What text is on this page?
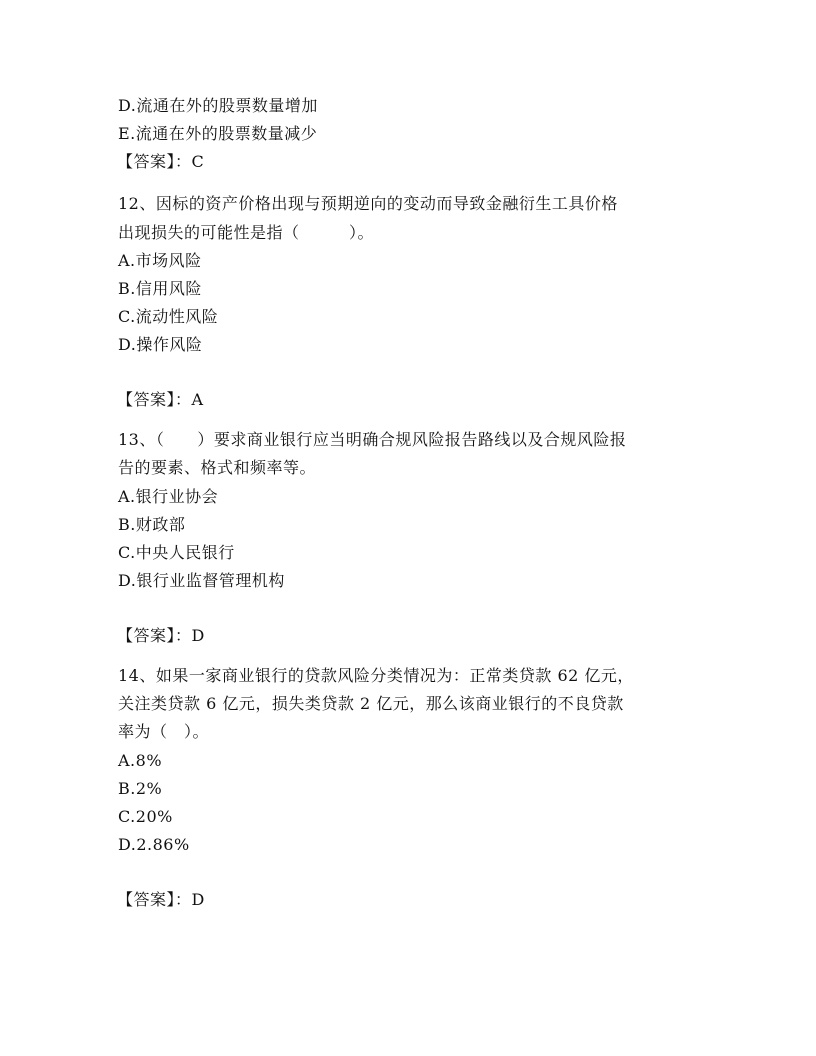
D.流通在外的股票数量增加
E.流通在外的股票数量减少
【答案】：C
12、因标的资产价格出现与预期逆向的变动而导致金融衍生工具价格
出现损失的可能性是指（　　　）。
A.市场风险
B.信用风险
C.流动性风险
D.操作风险
【答案】：A
13、（　　）要求商业银行应当明确合规风险报告路线以及合规风险报
告的要素、格式和频率等。
A.银行业协会
B.财政部
C.中央人民银行
D.银行业监督管理机构
【答案】：D
14、如果一家商业银行的贷款风险分类情况为：正常类贷款 62 亿元，
关注类贷款 6 亿元，损失类贷款 2 亿元，那么该商业银行的不良贷款
率为（　）。
A.8%
B.2%
C.20%
D.2.86%
【答案】：D
